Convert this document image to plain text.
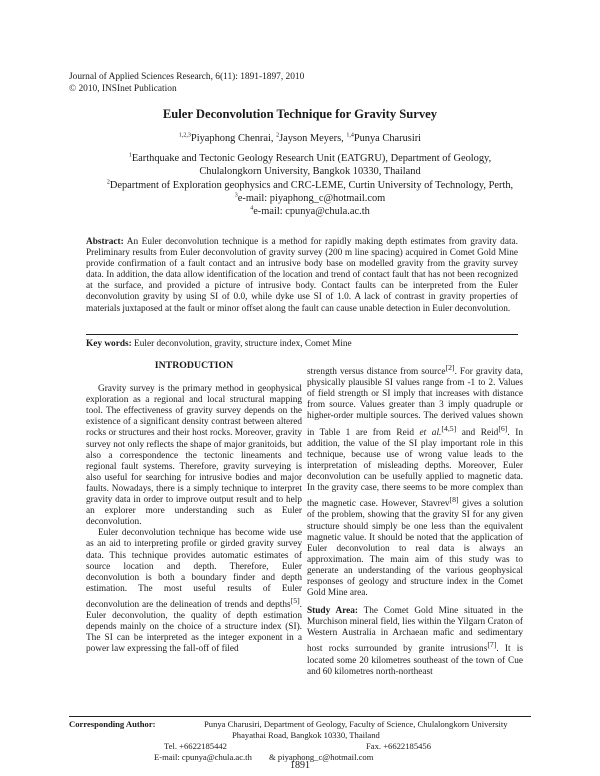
Journal of Applied Sciences Research, 6(11): 1891-1897, 2010
© 2010, INSInet Publication
Euler Deconvolution Technique for Gravity Survey
$^{1,2,3}$Piyaphong Chenrai, $^2$Jayson Meyers, $^{1,4}$Punya Charusiri
$^1$Earthquake and Tectonic Geology Research Unit (EATGRU), Department of Geology,
Chulalongkorn University, Bangkok 10330, Thailand
$^2$Department of Exploration geophysics and CRC-LEME, Curtin University of Technology, Perth,
$^3$e-mail: piyaphong_c@hotmail.com
$^4$e-mail: cpunya@chula.ac.th
Abstract: An Euler deconvolution technique is a method for rapidly making depth estimates from gravity data. Preliminary results from Euler deconvolution of gravity survey (200 m line spacing) acquired in Comet Gold Mine provide confirmation of a fault contact and an intrusive body base on modelled gravity from the gravity survey data. In addition, the data allow identification of the location and trend of contact fault that has not been recognized at the surface, and provided a picture of intrusive body. Contact faults can be interpreted from the Euler deconvolution gravity by using SI of 0.0, while dyke use SI of 1.0. A lack of contrast in gravity properties of materials juxtaposed at the fault or minor offset along the fault can cause unable detection in Euler deconvolution.
Key words: Euler deconvolution, gravity, structure index, Comet Mine
INTRODUCTION

Gravity survey is the primary method in geophysical exploration as a regional and local structural mapping tool. The effectiveness of gravity survey depends on the existence of a significant density contrast between altered rocks or structures and their host rocks. Moreover, gravity survey not only reflects the shape of major granitoids, but also a correspondence the tectonic lineaments and regional fault systems. Therefore, gravity surveying is also useful for searching for intrusive bodies and major faults. Nowadays, there is a simply technique to interpret gravity data in order to improve output result and to help an explorer more understanding such as Euler deconvolution.

Euler deconvolution technique has become wide use as an aid to interpreting profile or girded gravity survey data. This technique provides automatic estimates of source location and depth. Therefore, Euler deconvolution is both a boundary finder and depth estimation. The most useful results of Euler deconvolution are the delineation of trends and depths[5]. Euler deconvolution, the quality of depth estimation depends mainly on the choice of a structure index (SI). The SI can be interpreted as the integer exponent in a power law expressing the fall-off of filed

strength versus distance from source[2]. For gravity data, physically plausible SI values range from -1 to 2. Values of field strength or SI imply that increases with distance from source. Values greater than 3 imply quadruple or higher-order multiple sources. The derived values shown in Table 1 are from Reid et al.[4,5] and Reid[6]. In addition, the value of the SI play important role in this technique, because use of wrong value leads to the interpretation of misleading depths. Moreover, Euler deconvolution can be usefully applied to magnetic data. In the gravity case, there seems to be more complex than the magnetic case. However, Stavrev[8] gives a solution of the problem, showing that the gravity SI for any given structure should simply be one less than the equivalent magnetic value. It should be noted that the application of Euler deconvolution to real data is always an approximation. The main aim of this study was to generate an understanding of the various geophysical responses of geology and structure index in the Comet Gold Mine area.

Study Area: The Comet Gold Mine situated in the Murchison mineral field, lies within the Yilgarn Craton of Western Australia in Archaean mafic and sedimentary host rocks surrounded by granite intrusions[7]. It is located some 20 kilometres southeast of the town of Cue and 60 kilometres north-northeast

Corresponding Author:	Punya Charusiri, Department of Geology, Faculty of Science, Chulalongkorn University
Phayathai Road, Bangkok 10330, Thailand
Tel. +6622185442	Fax. +6622185456
E-mail: cpunya@chula.ac.th        & piyaphong_c@hotmail.com
1891
